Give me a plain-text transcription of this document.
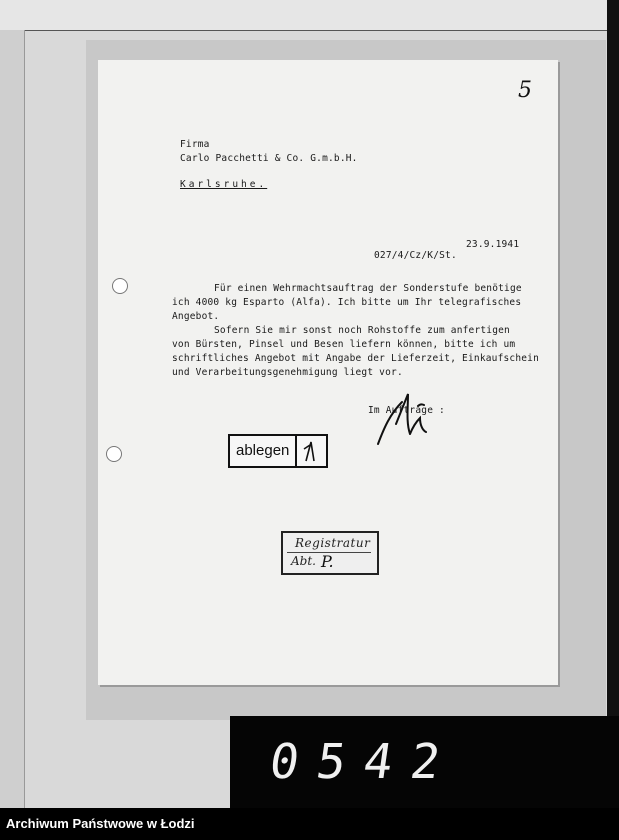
Firma
Carlo Pacchetti & Co. G.m.b.H.
Karlsruhe.
23.9.1941
027/4/Cz/K/St.
Für einen Wehrmachtsauftrag der Sonderstufe benötige
ich 4000 kg Esparto (Alfa). Ich bitte um Ihr telegrafisches
Angebot.
Sofern Sie mir sonst noch Rohstoffe zum anfertigen
von Bürsten, Pinsel und Besen liefern können, bitte ich um
schriftliches Angebot mit Angabe der Lieferzeit, Einkaufschein
und Verarbeitungsgenehmigung liegt vor.
Im Auftrage :
5
ablegen
Registratur
Abt. P.
0542
Archiwum Państwowe w Łodzi
